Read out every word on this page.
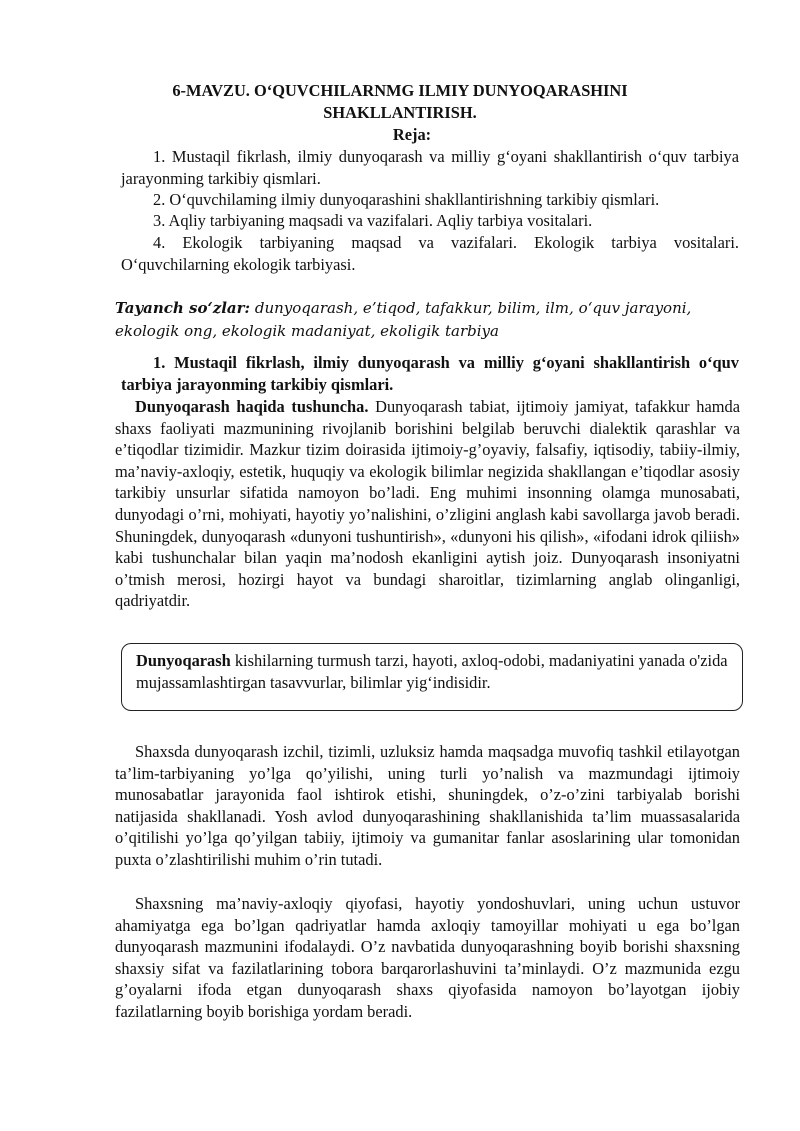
6-MAVZU. O‘QUVCHILARNMG ILMIY DUNYOQARASHINI
SHAKLLANTIRISH.
Reja:

1. Mustaqil fikrlash, ilmiy dunyoqarash va milliy g‘oyani shakllantirish o‘quv tarbiya jarayonming tarkibiy qismlari.

2. O‘quvchilaming ilmiy dunyoqarashini shakllantirishning tarkibiy qismlari.

3. Aqliy tarbiyaning maqsadi va vazifalari. Aqliy tarbiya vositalari.

4. Ekologik tarbiyaning maqsad va vazifalari. Ekologik tarbiya vositalari. O‘quvchilarning ekologik tarbiyasi.

Tayanch so‘zlar: dunyoqarash, e’tiqod, tafakkur, bilim, ilm, o‘quv jarayoni, ekologik ong, ekologik madaniyat, ekoligik tarbiya
1. Mustaqil fikrlash, ilmiy dunyoqarash va milliy g‘oyani shakllantirish o‘quv tarbiya jarayonming tarkibiy qismlari.

Dunyoqarash haqida tushuncha. Dunyoqarash tabiat, ijtimoiy jamiyat, tafakkur hamda shaxs faoliyati mazmunining rivojlanib borishini belgilab beruvchi dialektik qarashlar va e’tiqodlar tizimidir. Mazkur tizim doirasida ijtimoiy-g’oyaviy, falsafiy, iqtisodiy, tabiiy-ilmiy, ma’naviy-axloqiy, estetik, huquqiy va ekologik bilimlar negizida shakllangan e’tiqodlar asosiy tarkibiy unsurlar sifatida namoyon bo’ladi. Eng muhimi insonning olamga munosabati, dunyodagi o’rni, mohiyati, hayotiy yo’nalishini, o’zligini anglash kabi savollarga javob beradi. Shuningdek, dunyoqarash «dunyoni tushuntirish», «dunyoni his qilish», «ifodani idrok qiliish» kabi tushunchalar bilan yaqin ma’nodosh ekanligini aytish joiz. Dunyoqarash insoniyatni o’tmish merosi, hozirgi hayot va bundagi sharoitlar, tizimlarning anglab olinganligi, qadriyatdir.

Dunyoqarash kishilarning turmush tarzi, hayoti, axloq-odobi, madaniyatini yanada o'zida mujassamlashtirgan tasavvurlar, bilimlar yig‘indisidir.

Shaxsda dunyoqarash izchil, tizimli, uzluksiz hamda maqsadga muvofiq tashkil etilayotgan ta’lim-tarbiyaning yo’lga qo’yilishi, uning turli yo’nalish va mazmundagi ijtimoiy munosabatlar jarayonida faol ishtirok etishi, shuningdek, o’z-o’zini tarbiyalab borishi natijasida shakllanadi. Yosh avlod dunyoqarashining shakllanishida ta’lim muassasalarida o’qitilishi yo’lga qo’yilgan tabiiy, ijtimoiy va gumanitar fanlar asoslarining ular tomonidan puxta o’zlashtirilishi muhim o’rin tutadi.

Shaxsning ma’naviy-axloqiy qiyofasi, hayotiy yondoshuvlari, uning uchun ustuvor ahamiyatga ega bo’lgan qadriyatlar hamda axloqiy tamoyillar mohiyati u ega bo’lgan dunyoqarash mazmunini ifodalaydi. O’z navbatida dunyoqarashning boyib borishi shaxsning shaxsiy sifat va fazilatlarining tobora barqarorlashuvini ta’minlaydi. O’z mazmunida ezgu g’oyalarni ifoda etgan dunyoqarash shaxs qiyofasida namoyon bo’layotgan ijobiy fazilatlarning boyib borishiga yordam beradi.
